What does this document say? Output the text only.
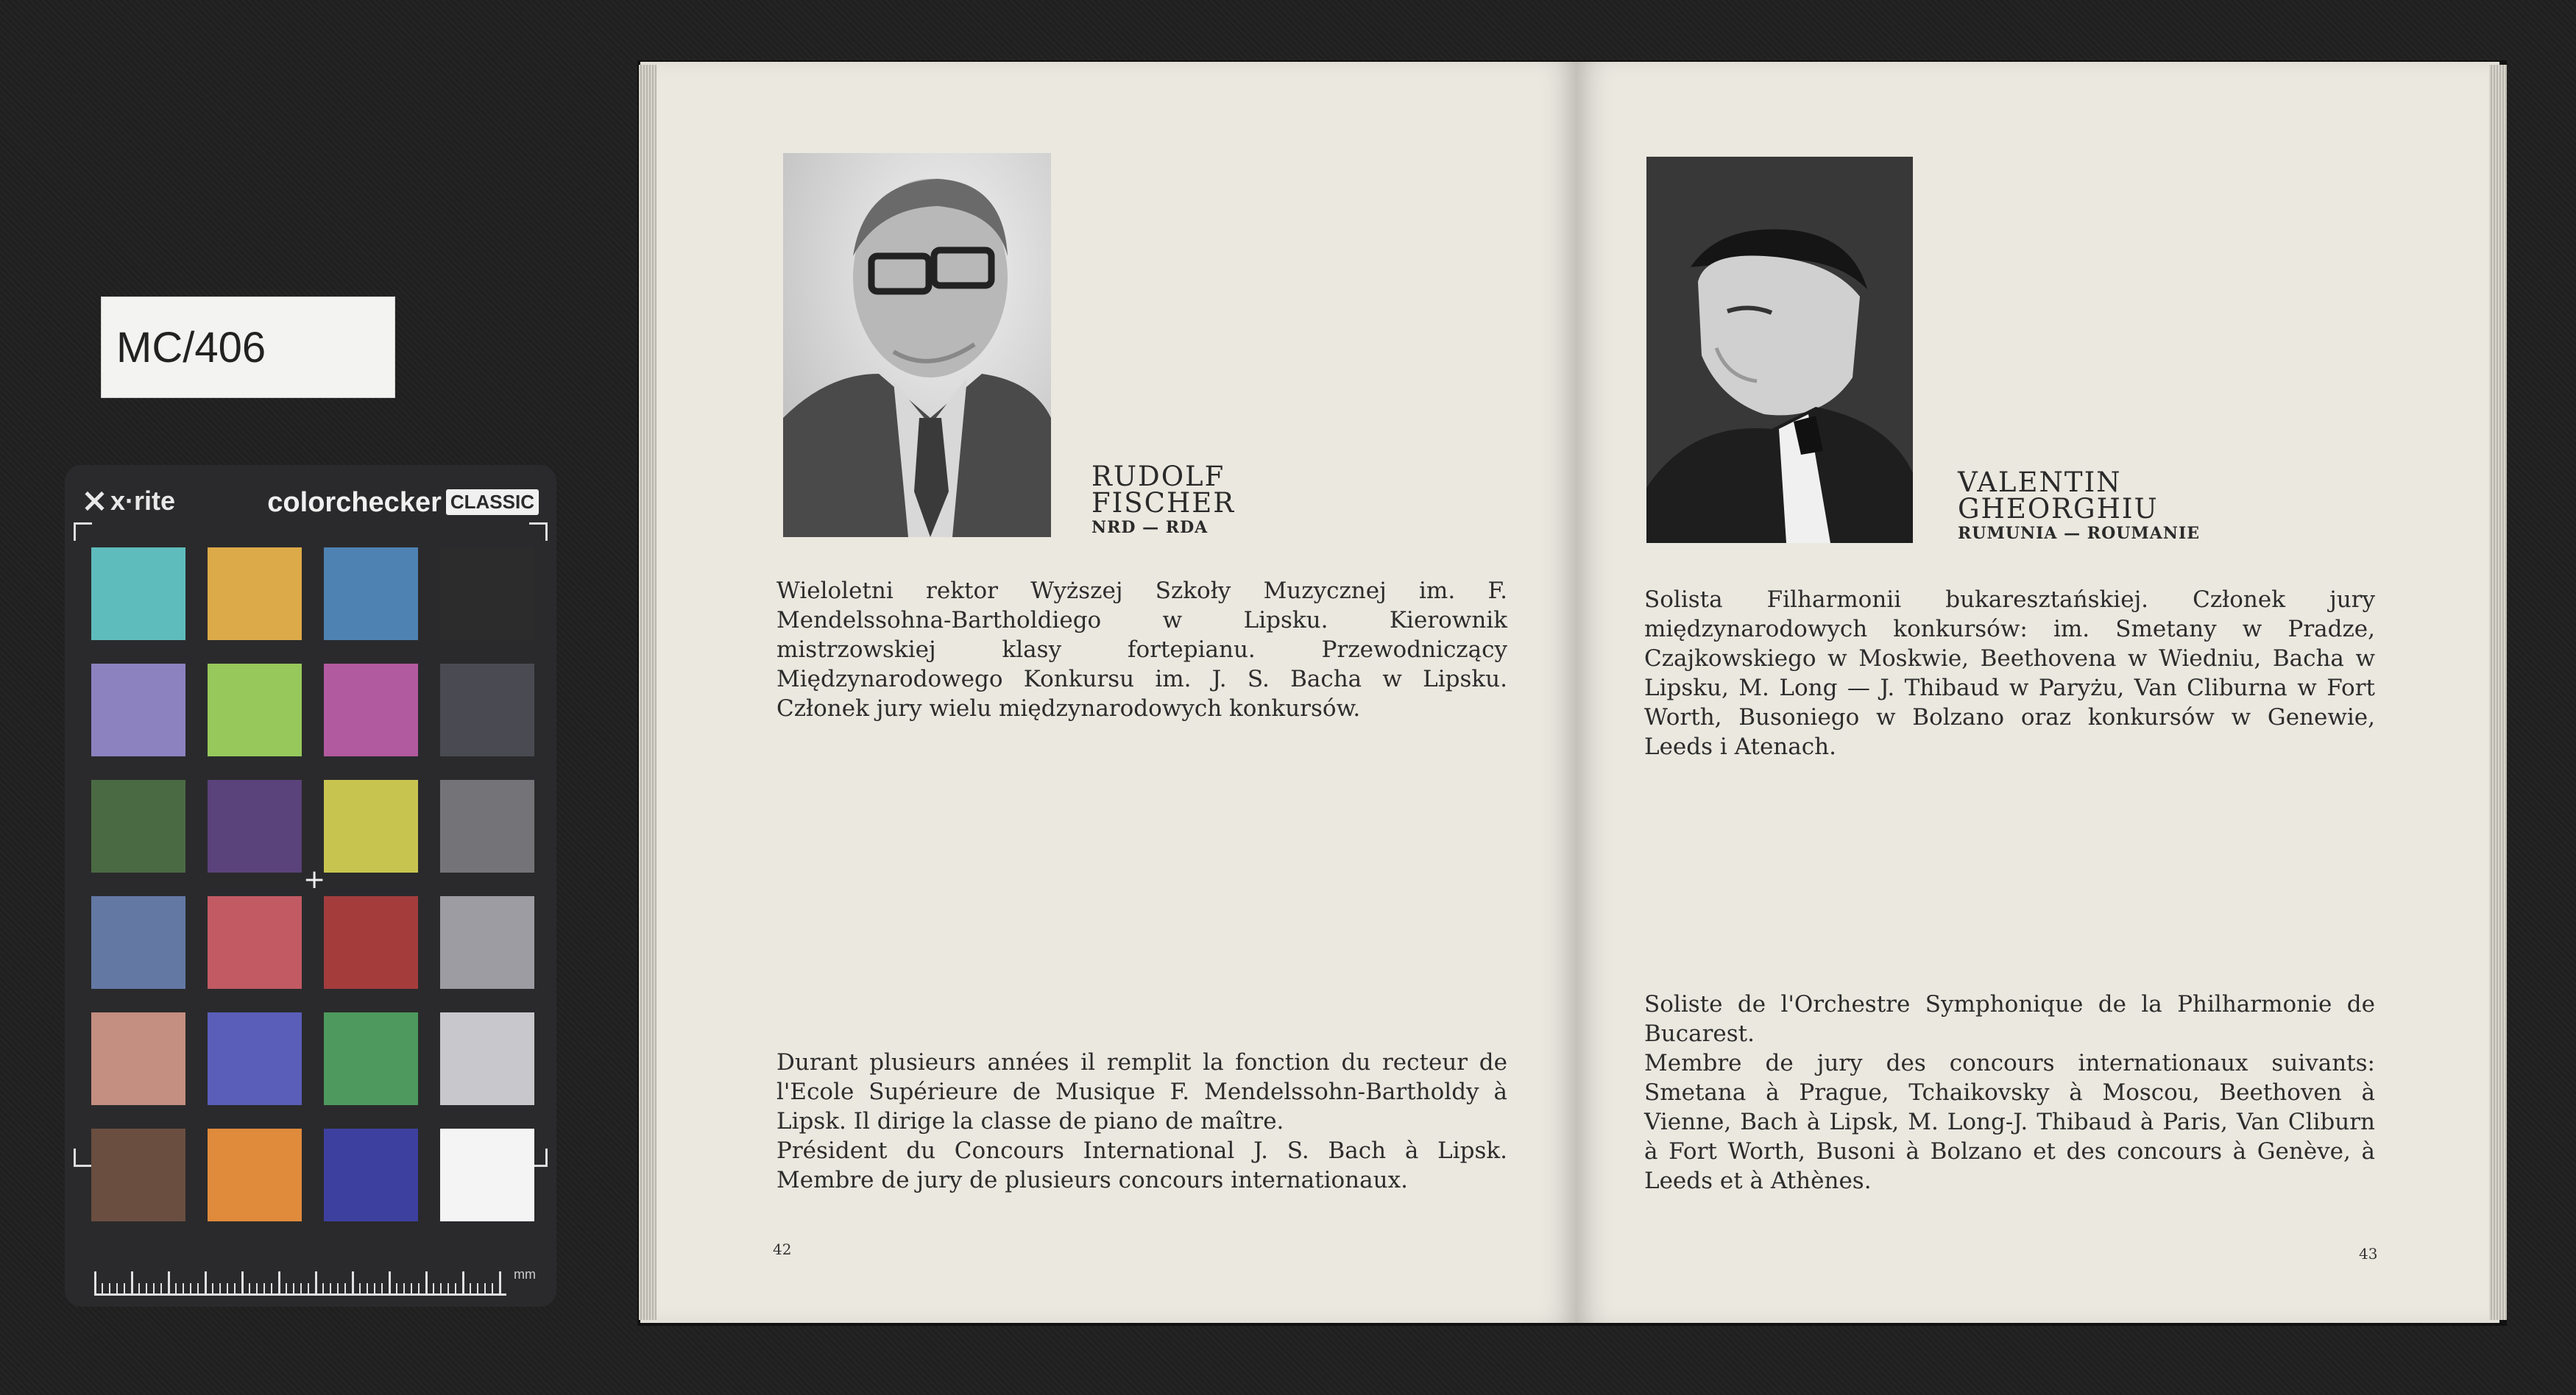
MC/406
x·rite	colorchecker CLASSIC
+
mm
RUDOLF
FISCHER
NRD — RDA

Wieloletni rektor Wyższej Szkoły Muzycznej im. F. Mendelssohna-Bartholdiego w Lipsku. Kierownik mistrzowskiej klasy fortepianu. Przewodniczący Międzynarodowego Konkursu im. J. S. Bacha w Lipsku. Członek jury wielu międzynarodowych konkursów.

Durant plusieurs années il remplit la fonction du recteur de l'Ecole Supérieure de Musique F. Mendelssohn-Bartholdy à Lipsk. Il dirige la classe de piano de maître.

Président du Concours International J. S. Bach à Lipsk. Membre de jury de plusieurs concours internationaux.

42
VALENTIN
GHEORGHIU
RUMUNIA — ROUMANIE

Solista Filharmonii bukaresztańskiej. Członek jury międzynarodowych konkursów: im. Smetany w Pradze, Czajkowskiego w Moskwie, Beethovena w Wiedniu, Bacha w Lipsku, M. Long — J. Thibaud w Paryżu, Van Cliburna w Fort Worth, Busoniego w Bolzano oraz konkursów w Genewie, Leeds i Atenach.

Soliste de l'Orchestre Symphonique de la Philharmonie de Bucarest.

Membre de jury des concours internationaux suivants: Smetana à Prague, Tchaikovsky à Moscou, Beethoven à Vienne, Bach à Lipsk, M. Long-J. Thibaud à Paris, Van Cliburn à Fort Worth, Busoni à Bolzano et des concours à Genève, à Leeds et à Athènes.

43
